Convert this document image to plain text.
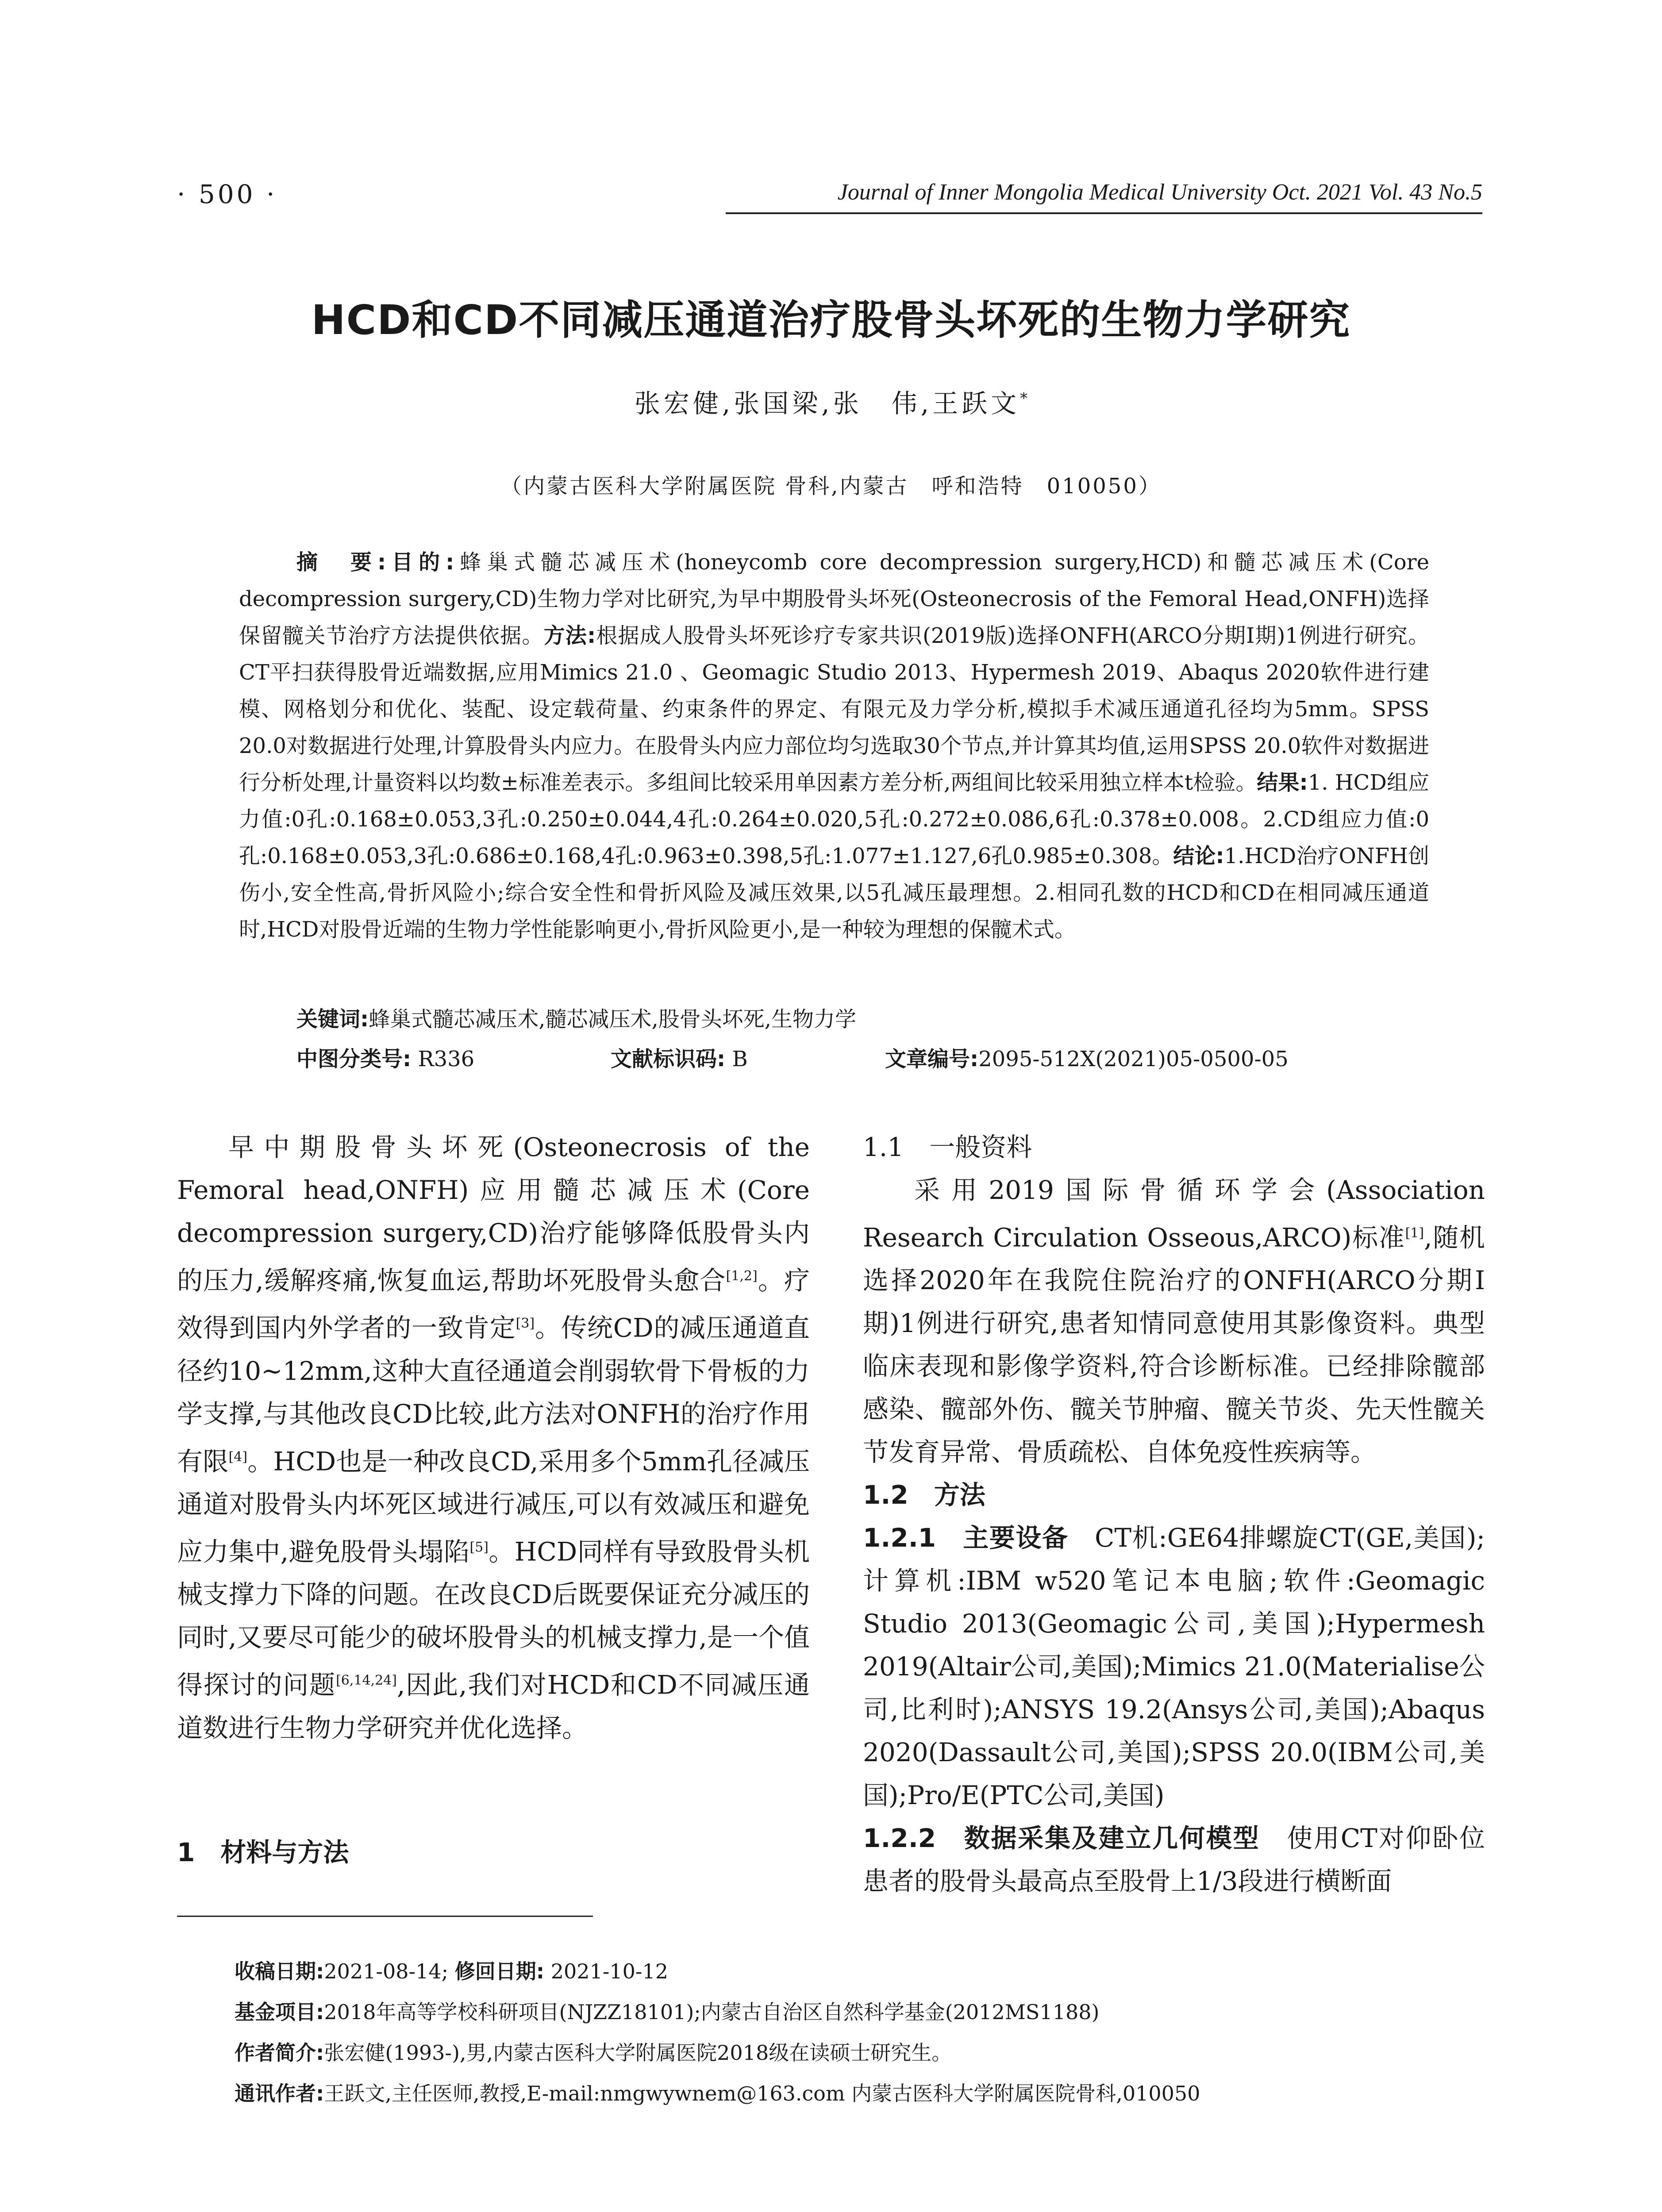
· 500 ·	Journal of Inner Mongolia Medical University Oct. 2021 Vol. 43 No.5
HCD和CD不同减压通道治疗股骨头坏死的生物力学研究
张宏健,张国梁,张　伟,王跃文*
（内蒙古医科大学附属医院 骨科,内蒙古　呼和浩特　010050）
摘　要:目的:蜂巢式髓芯减压术(honeycomb core decompression surgery,HCD)和髓芯减压术(Core decompression surgery,CD)生物力学对比研究,为早中期股骨头坏死(Osteonecrosis of the Femoral Head,ONFH)选择保留髋关节治疗方法提供依据。方法:根据成人股骨头坏死诊疗专家共识(2019版)选择ONFH(ARCO分期Ⅰ期)1例进行研究。CT平扫获得股骨近端数据,应用Mimics 21.0 、Geomagic Studio 2013、Hypermesh 2019、Abaqus 2020软件进行建模、网格划分和优化、装配、设定载荷量、约束条件的界定、有限元及力学分析,模拟手术减压通道孔径均为5mm。SPSS 20.0对数据进行处理,计算股骨头内应力。在股骨头内应力部位均匀选取30个节点,并计算其均值,运用SPSS 20.0软件对数据进行分析处理,计量资料以均数±标准差表示。多组间比较采用单因素方差分析,两组间比较采用独立样本t检验。结果:1. HCD组应力值:0孔:0.168±0.053,3孔:0.250±0.044,4孔:0.264±0.020,5孔:0.272±0.086,6孔:0.378±0.008。2.CD组应力值:0孔:0.168±0.053,3孔:0.686±0.168,4孔:0.963±0.398,5孔:1.077±1.127,6孔0.985±0.308。结论:1.HCD治疗ONFH创伤小,安全性高,骨折风险小;综合安全性和骨折风险及减压效果,以5孔减压最理想。2.相同孔数的HCD和CD在相同减压通道时,HCD对股骨近端的生物力学性能影响更小,骨折风险更小,是一种较为理想的保髋术式。
关键词:蜂巢式髓芯减压术,髓芯减压术,股骨头坏死,生物力学
中图分类号: R336	文献标识码: B	文章编号:2095-512X(2021)05-0500-05

早中期股骨头坏死(Osteonecrosis of the Femoral head,ONFH)应用髓芯减压术(Core decompression surgery,CD)治疗能够降低股骨头内的压力,缓解疼痛,恢复血运,帮助坏死股骨头愈合[1,2]。疗效得到国内外学者的一致肯定[3]。传统CD的减压通道直径约10~12mm,这种大直径通道会削弱软骨下骨板的力学支撑,与其他改良CD比较,此方法对ONFH的治疗作用有限[4]。HCD也是一种改良CD,采用多个5mm孔径减压通道对股骨头内坏死区域进行减压,可以有效减压和避免应力集中,避免股骨头塌陷[5]。HCD同样有导致股骨头机械支撑力下降的问题。在改良CD后既要保证充分减压的同时,又要尽可能少的破坏股骨头的机械支撑力,是一个值得探讨的问题[6,14,24],因此,我们对HCD和CD不同减压通道数进行生物力学研究并优化选择。

1　材料与方法

1.1　一般资料

采用2019国际骨循环学会(Association Research Circulation Osseous,ARCO)标准[1],随机选择2020年在我院住院治疗的ONFH(ARCO分期Ⅰ期)1例进行研究,患者知情同意使用其影像资料。典型临床表现和影像学资料,符合诊断标准。已经排除髋部感染、髋部外伤、髋关节肿瘤、髋关节炎、先天性髋关节发育异常、骨质疏松、自体免疫性疾病等。

1.2　方法

1.2.1　主要设备　 CT机:GE64排螺旋CT(GE,美国);计算机:IBM w520笔记本电脑;软件:Geomagic Studio 2013(Geomagic公司,美国);Hypermesh 2019(Altair公司,美国);Mimics 21.0(Materialise公司,比利时);ANSYS 19.2(Ansys公司,美国);Abaqus 2020(Dassault公司,美国);SPSS 20.0(IBM公司,美国);Pro/E(PTC公司,美国)

1.2.2　数据采集及建立几何模型　 使用CT对仰卧位患者的股骨头最高点至股骨上1/3段进行横断面

收稿日期:2021-08-14; 修回日期: 2021-10-12
基金项目:2018年高等学校科研项目(NJZZ18101);内蒙古自治区自然科学基金(2012MS1188)
作者简介:张宏健(1993-),男,内蒙古医科大学附属医院2018级在读硕士研究生。
通讯作者:王跃文,主任医师,教授,E-mail:nmgwywnem@163.com 内蒙古医科大学附属医院骨科,010050
